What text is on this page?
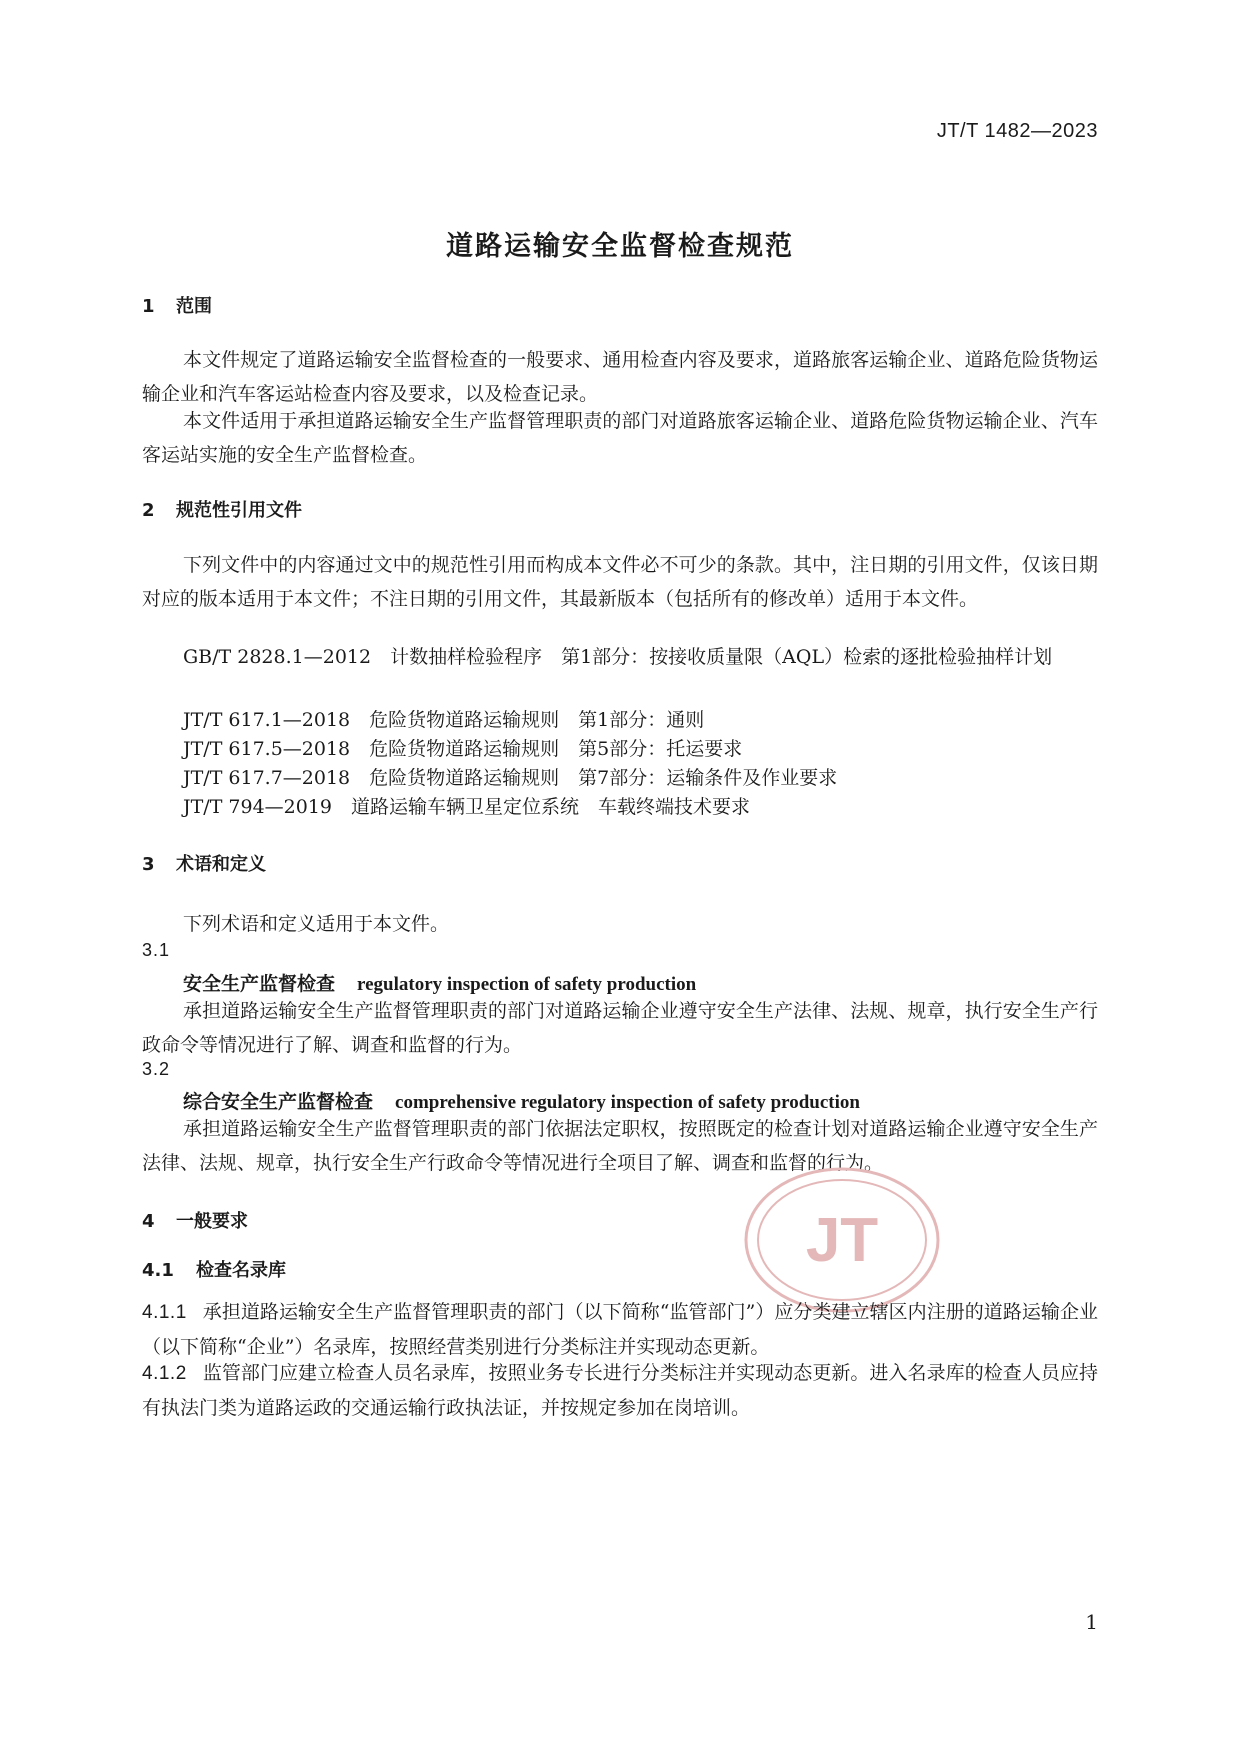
JT/T 1482—2023
道路运输安全监督检查规范
1 范围
本文件规定了道路运输安全监督检查的一般要求、通用检查内容及要求，道路旅客运输企业、道路危险货物运输企业和汽车客运站检查内容及要求，以及检查记录。
本文件适用于承担道路运输安全生产监督管理职责的部门对道路旅客运输企业、道路危险货物运输企业、汽车客运站实施的安全生产监督检查。
2 规范性引用文件
下列文件中的内容通过文中的规范性引用而构成本文件必不可少的条款。其中，注日期的引用文件，仅该日期对应的版本适用于本文件；不注日期的引用文件，其最新版本（包括所有的修改单）适用于本文件。
GB/T 2828.1—2012　计数抽样检验程序　第1部分：按接收质量限（AQL）检索的逐批检验抽样计划
JT/T 617.1—2018　危险货物道路运输规则　第1部分：通则
JT/T 617.5—2018　危险货物道路运输规则　第5部分：托运要求
JT/T 617.7—2018　危险货物道路运输规则　第7部分：运输条件及作业要求
JT/T 794—2019　道路运输车辆卫星定位系统　车载终端技术要求
3 术语和定义
下列术语和定义适用于本文件。
3.1
安全生产监督检查 regulatory inspection of safety production
承担道路运输安全生产监督管理职责的部门对道路运输企业遵守安全生产法律、法规、规章，执行安全生产行政命令等情况进行了解、调查和监督的行为。
3.2
综合安全生产监督检查 comprehensive regulatory inspection of safety production
承担道路运输安全生产监督管理职责的部门依据法定职权，按照既定的检查计划对道路运输企业遵守安全生产法律、法规、规章，执行安全生产行政命令等情况进行全项目了解、调查和监督的行为。
JT
4 一般要求
4.1 检查名录库
4.1.1 承担道路运输安全生产监督管理职责的部门（以下简称“监管部门”）应分类建立辖区内注册的道路运输企业（以下简称“企业”）名录库，按照经营类别进行分类标注并实现动态更新。
4.1.2 监管部门应建立检查人员名录库，按照业务专长进行分类标注并实现动态更新。进入名录库的检查人员应持有执法门类为道路运政的交通运输行政执法证，并按规定参加在岗培训。
1
